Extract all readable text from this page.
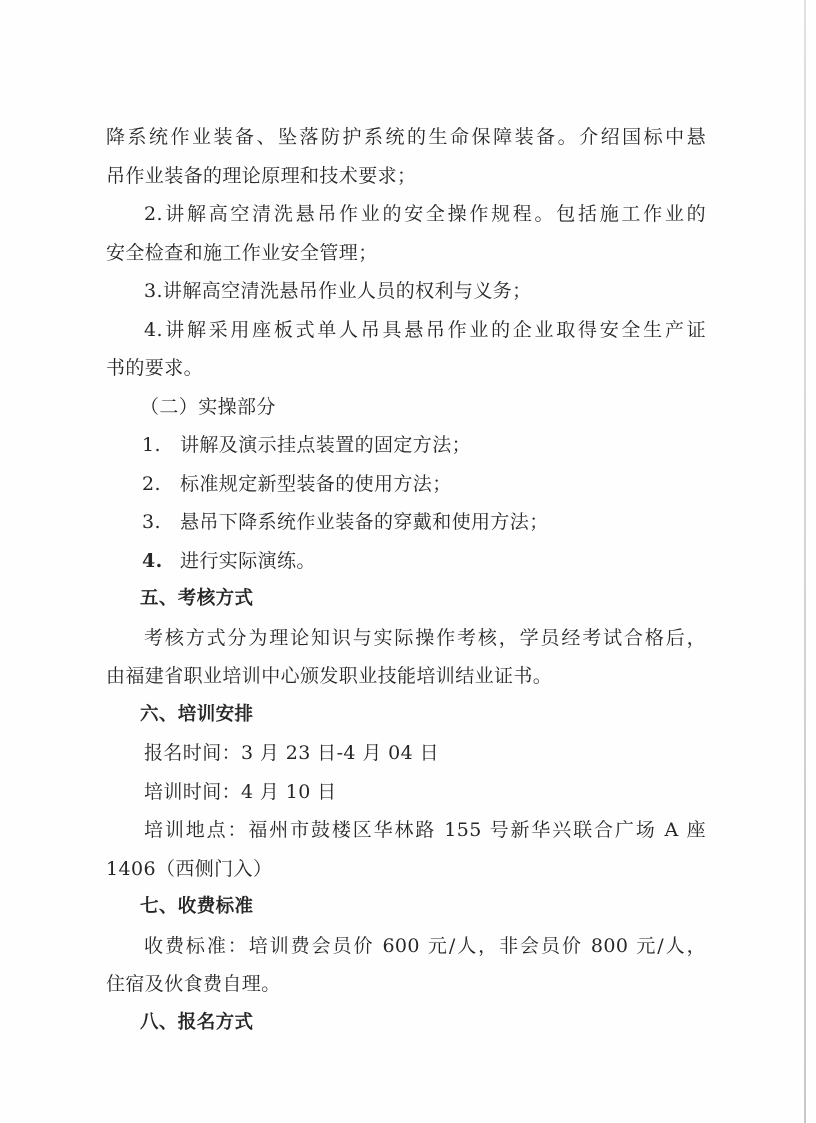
降系统作业装备、坠落防护系统的生命保障装备。介绍国标中悬
吊作业装备的理论原理和技术要求；
2.讲解高空清洗悬吊作业的安全操作规程。包括施工作业的
安全检查和施工作业安全管理；
3.讲解高空清洗悬吊作业人员的权利与义务；
4.讲解采用座板式单人吊具悬吊作业的企业取得安全生产证
书的要求。
（二）实操部分
1. 讲解及演示挂点装置的固定方法；
2. 标准规定新型装备的使用方法；
3. 悬吊下降系统作业装备的穿戴和使用方法；
4. 进行实际演练。
五、考核方式
考核方式分为理论知识与实际操作考核，学员经考试合格后，
由福建省职业培训中心颁发职业技能培训结业证书。
六、培训安排
报名时间：3 月 23 日-4 月 04 日
培训时间：4 月 10 日
培训地点：福州市鼓楼区华林路 155 号新华兴联合广场 A 座
1406（西侧门入）
七、收费标准
收费标准：培训费会员价 600 元/人，非会员价 800 元/人，
住宿及伙食费自理。
八、报名方式
